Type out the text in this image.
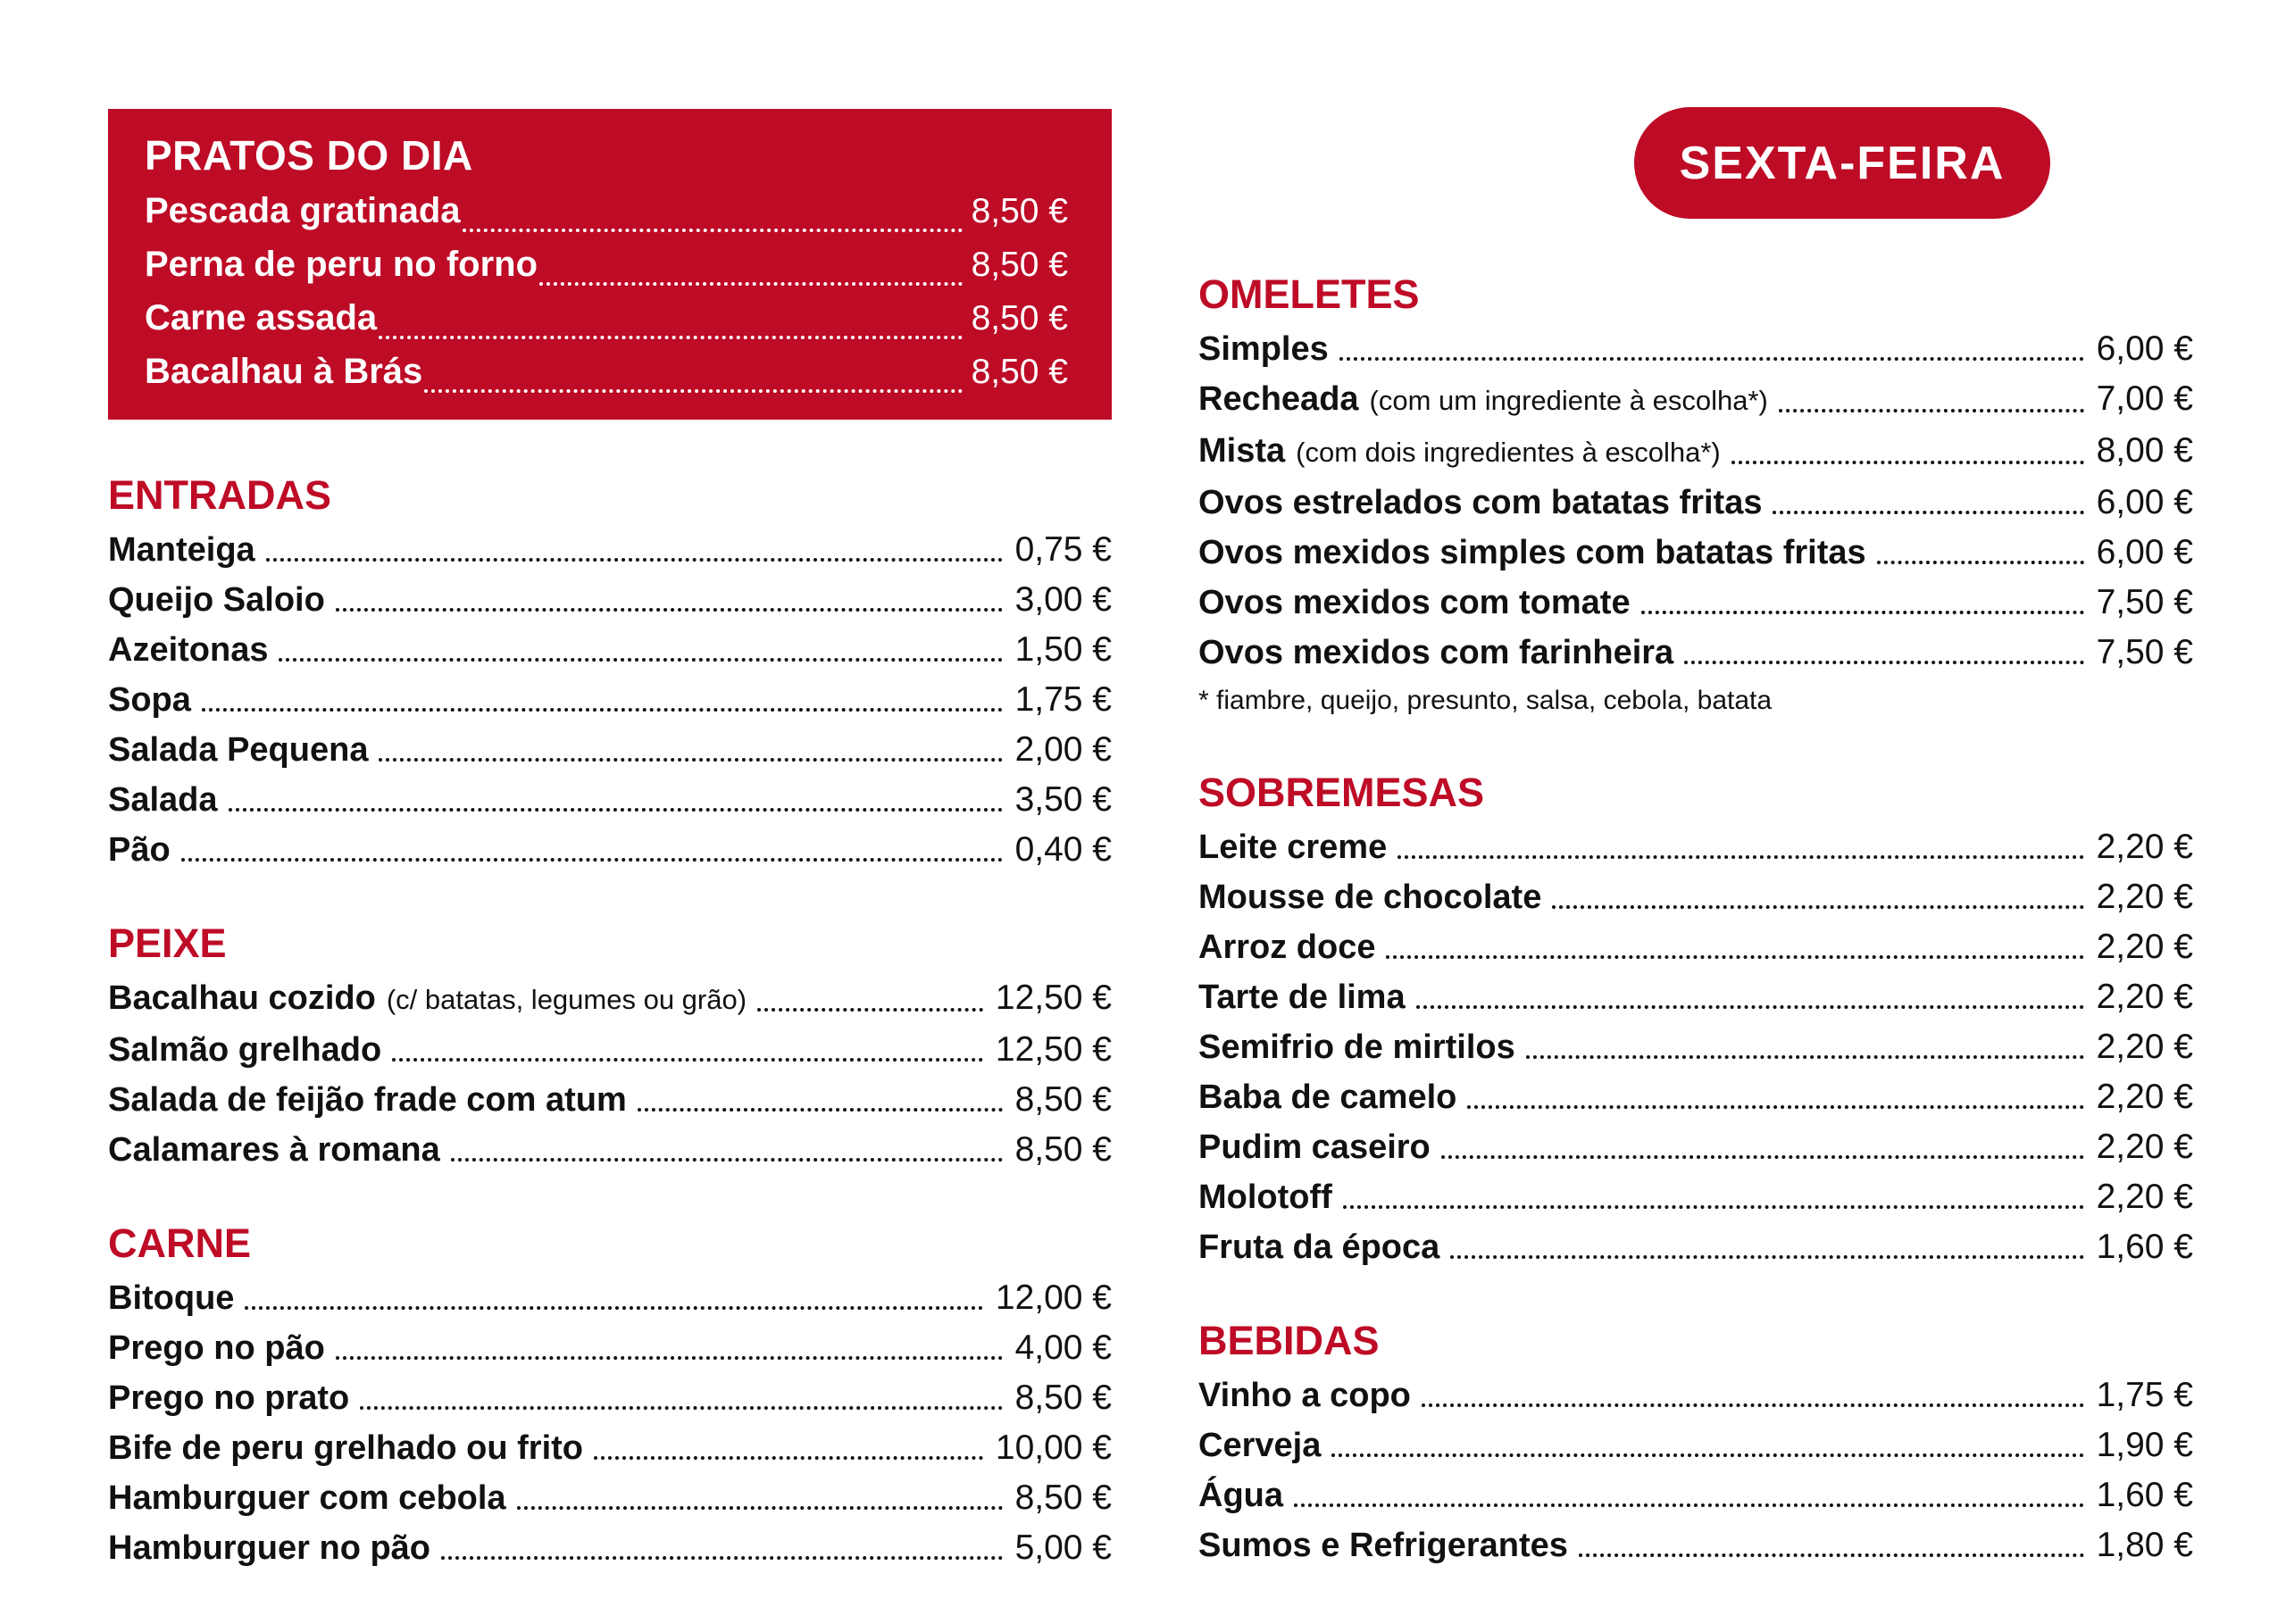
PRATOS DO DIA
Pescada gratinada	8,50 €
Perna de peru no forno	8,50 €
Carne assada	8,50 €
Bacalhau à Brás	8,50 €
ENTRADAS
Manteiga	0,75 €
Queijo Saloio	3,00 €
Azeitonas	1,50 €
Sopa	1,75 €
Salada Pequena	2,00 €
Salada	3,50 €
Pão	0,40 €
PEIXE
Bacalhau cozido (c/ batatas, legumes ou grão)	12,50 €
Salmão grelhado	12,50 €
Salada de feijão frade com atum	8,50 €
Calamares à romana	8,50 €
CARNE
Bitoque	12,00 €
Prego no pão	4,00 €
Prego no prato	8,50 €
Bife de peru grelhado ou frito	10,00 €
Hamburguer com cebola	8,50 €
Hamburguer no pão	5,00 €
SEXTA-FEIRA
OMELETES
Simples	6,00 €
Recheada (com um ingrediente à escolha*)	7,00 €
Mista (com dois ingredientes à escolha*)	8,00 €
Ovos estrelados com batatas fritas	6,00 €
Ovos mexidos simples com batatas fritas	6,00 €
Ovos mexidos com tomate	7,50 €
Ovos mexidos com farinheira	7,50 €
* fiambre, queijo, presunto, salsa, cebola, batata
SOBREMESAS
Leite creme	2,20 €
Mousse de chocolate	2,20 €
Arroz doce	2,20 €
Tarte de lima	2,20 €
Semifrio de mirtilos	2,20 €
Baba de camelo	2,20 €
Pudim caseiro	2,20 €
Molotoff	2,20 €
Fruta da época	1,60 €
BEBIDAS
Vinho a copo	1,75 €
Cerveja	1,90 €
Água	1,60 €
Sumos e Refrigerantes	1,80 €
